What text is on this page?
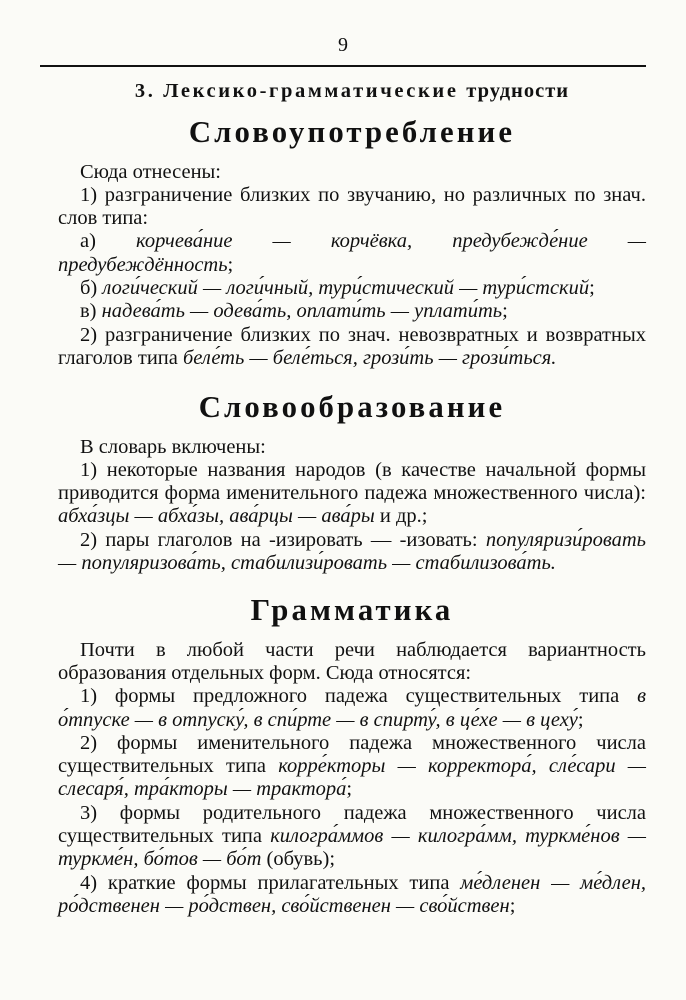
9
3. Лексико-грамматические трудности
Словоупотребление

Сюда отнесены:

1) разграничение близких по звучанию, но различных по знач. слов типа:

а) корчева́ние — корчёвка, предубежде́ние — предубеждённость;

б) логи́ческий — логи́чный, тури́стический — тури́стский;

в) надева́ть — одева́ть, оплати́ть — уплати́ть;

2) разграничение близких по знач. невозвратных и возвратных глаголов типа беле́ть — беле́ться, грози́ть — грози́ться.

Словообразование

В словарь включены:

1) некоторые названия народов (в качестве начальной формы приводится форма именительного падежа множественного числа): абха́зцы — абха́зы, ава́рцы — ава́ры и др.;

2) пары глаголов на -изировать — -изовать: популяризи́ровать — популяризова́ть, стабилизи́ровать — стабилизова́ть.

Грамматика

Почти в любой части речи наблюдается вариантность образования отдельных форм. Сюда относятся:

1) формы предложного падежа существительных типа в о́тпуске — в отпуску́, в спи́рте — в спирту́, в це́хе — в цеху́;

2) формы именительного падежа множественного числа существительных типа корре́кторы — корректора́, сле́сари — слесаря́, тра́кторы — трактора́;

3) формы родительного падежа множественного числа существительных типа килогра́ммов — килогра́мм, туркме́нов — туркме́н, бо́тов — бо́т (обувь);

4) краткие формы прилагательных типа ме́дленен — ме́длен, ро́дственен — ро́дствен, сво́йственен — сво́йствен;
